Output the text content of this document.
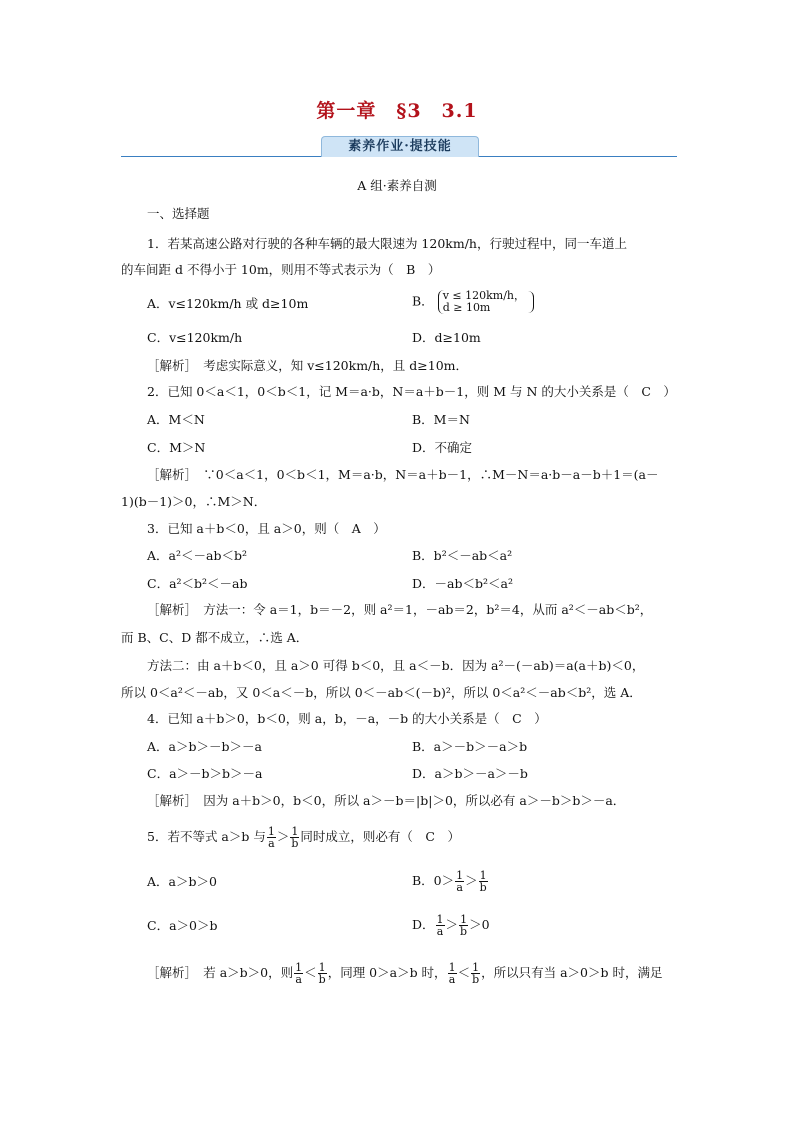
第一章　§3　3.1
素养作业·提技能
A 组·素养自测
一、选择题
1．若某高速公路对行驶的各种车辆的最大限速为 120km/h，行驶过程中，同一车道上
的车间距 d 不得小于 10m，则用不等式表示为（　B　）
A．v≤120km/h 或 d≥10m	B． v ≤ 120km/h，
d ≥ 10m
C．v≤120km/h	D．d≥10m
［解析］　考虑实际意义，知 v≤120km/h，且 d≥10m．
2．已知 0＜a＜1，0＜b＜1，记 M＝a·b，N＝a＋b－1，则 M 与 N 的大小关系是（　C　）
A．M＜N	B．M＝N
C．M＞N	D．不确定
［解析］　∵0＜a＜1，0＜b＜1，M＝a·b，N＝a＋b－1，∴M－N＝a·b－a－b＋1＝(a－
1)(b－1)＞0，∴M＞N．
3．已知 a＋b＜0，且 a＞0，则（　A　）
A．a²＜－ab＜b²	B．b²＜－ab＜a²
C．a²＜b²＜－ab	D．－ab＜b²＜a²
［解析］　方法一：令 a＝1，b＝－2，则 a²＝1，－ab＝2，b²＝4，从而 a²＜－ab＜b²，
而 B、C、D 都不成立，∴选 A．
方法二：由 a＋b＜0，且 a＞0 可得 b＜0，且 a＜－b．因为 a²－(－ab)＝a(a＋b)＜0，
所以 0＜a²＜－ab，又 0＜a＜－b，所以 0＜－ab＜(－b)²，所以 0＜a²＜－ab＜b²，选 A．
4．已知 a＋b＞0，b＜0，则 a，b，－a，－b 的大小关系是（　C　）
A．a＞b＞－b＞－a	B．a＞－b＞－a＞b
C．a＞－b＞b＞－a	D．a＞b＞－a＞－b
［解析］　因为 a＋b＞0，b＜0，所以 a＞－b＝|b|＞0，所以必有 a＞－b＞b＞－a．
5．若不等式 a＞b 与 $\frac{1}{a} > \frac{1}{b}$ 同时成立，则必有（　C　）
A．a＞b＞0	B．$0> \frac{1}{a} > \frac{1}{b}$
C．a＞0＞b	D． $\frac{1}{a} > \frac{1}{b} >0$
［解析］　若 a＞b＞0，则 $\frac{1}{a} < \frac{1}{b}$ ，同理 0＞a＞b 时， $\frac{1}{a} < \frac{1}{b}$ ，所以只有当 a＞0＞b 时，满足
